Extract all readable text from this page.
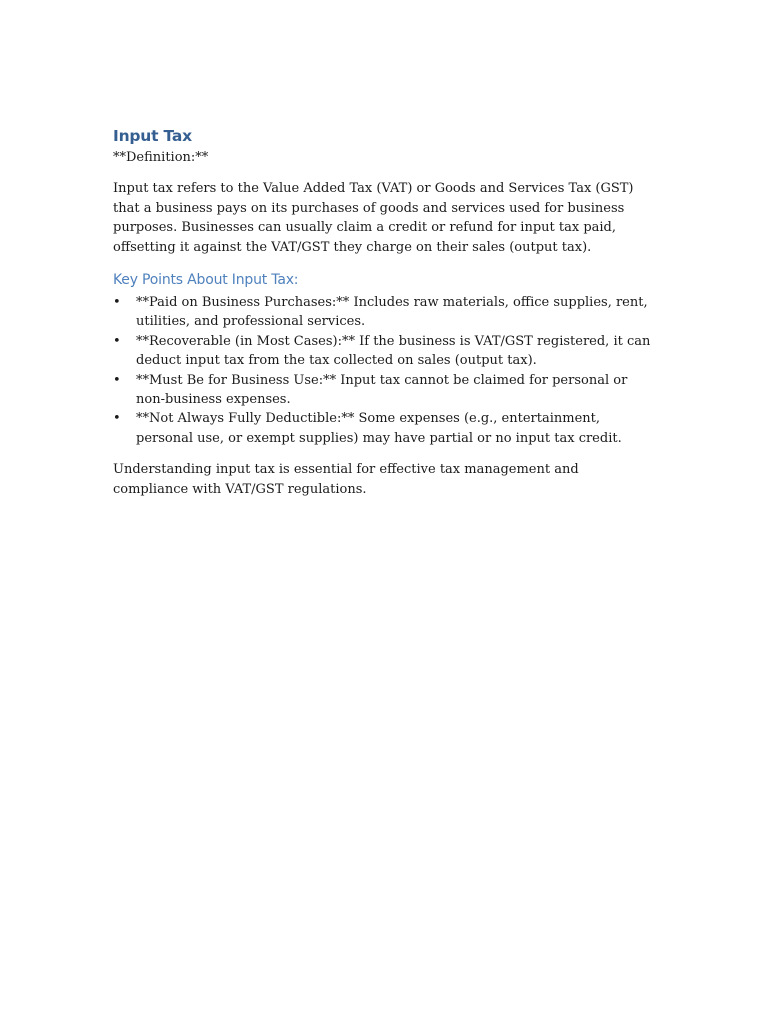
Input Tax

**Definition:**

Input tax refers to the Value Added Tax (VAT) or Goods and Services Tax (GST) that a business pays on its purchases of goods and services used for business purposes. Businesses can usually claim a credit or refund for input tax paid, offsetting it against the VAT/GST they charge on their sales (output tax).

Key Points About Input Tax:
• **Paid on Business Purchases:** Includes raw materials, office supplies, rent, utilities, and professional services.
• **Recoverable (in Most Cases):** If the business is VAT/GST registered, it can deduct input tax from the tax collected on sales (output tax).
• **Must Be for Business Use:** Input tax cannot be claimed for personal or non-business expenses.
• **Not Always Fully Deductible:** Some expenses (e.g., entertainment, personal use, or exempt supplies) may have partial or no input tax credit.

Understanding input tax is essential for effective tax management and compliance with VAT/GST regulations.
